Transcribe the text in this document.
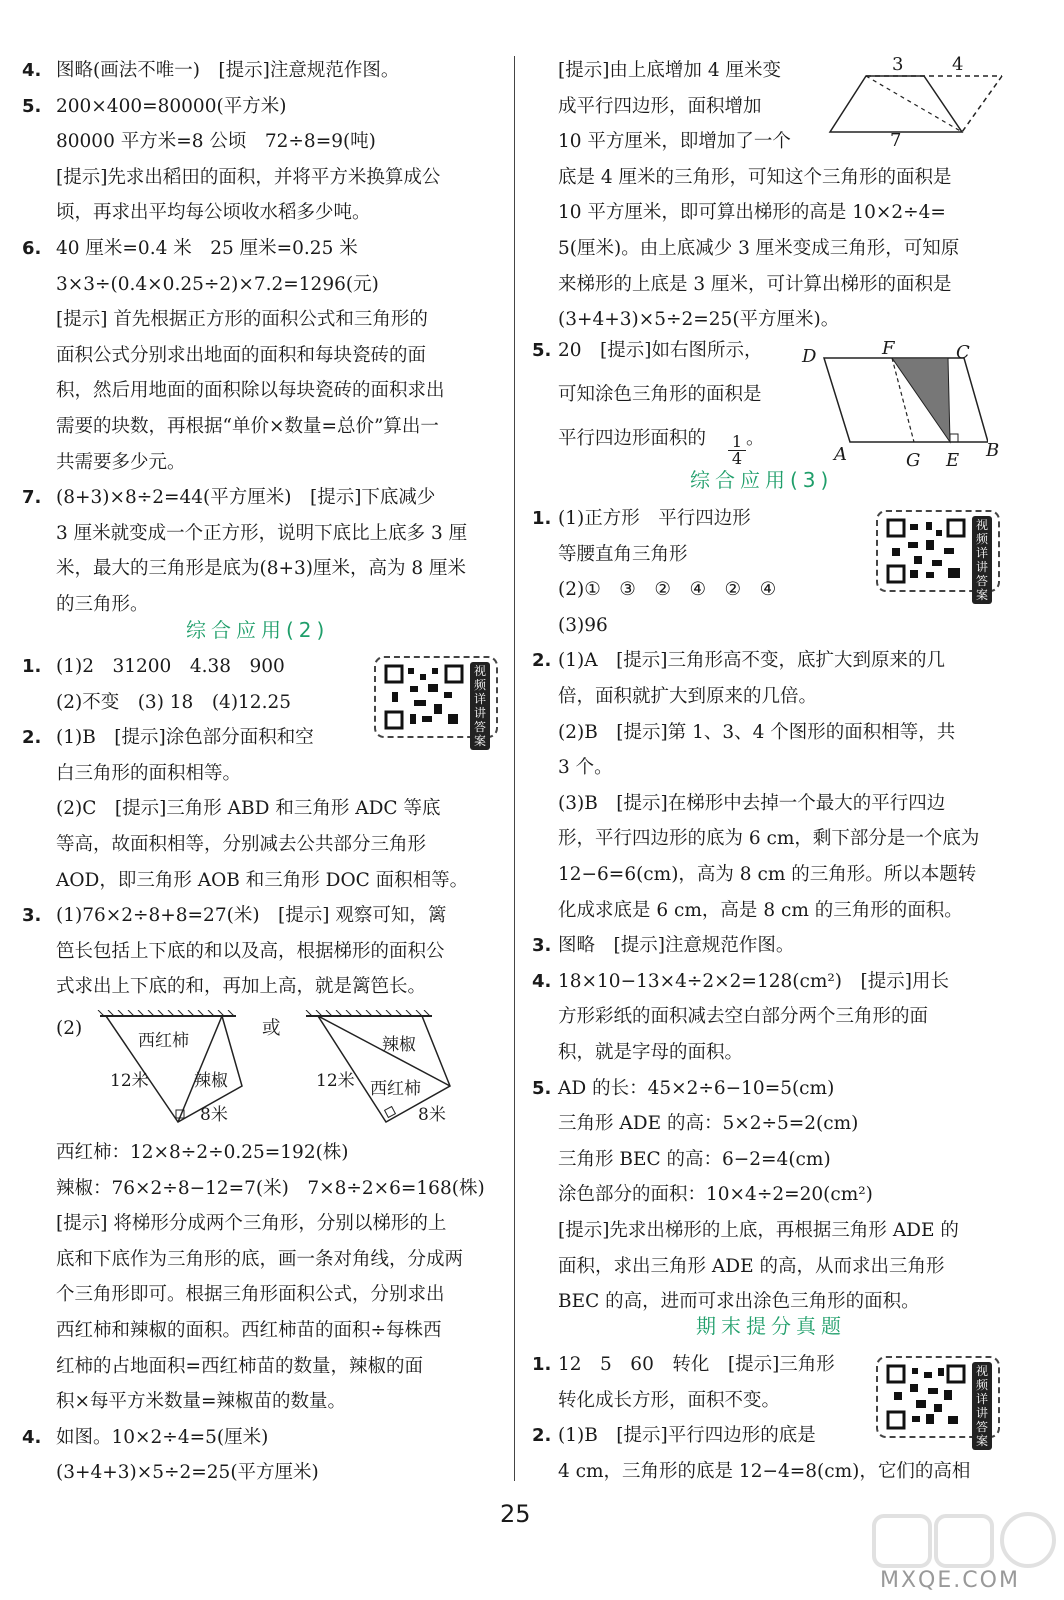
4. 图略(画法不唯一)　[提示]注意规范作图。
5. 200×400=80000(平方米)
80000 平方米=8 公顷　72÷8=9(吨)
[提示]先求出稻田的面积，并将平方米换算成公
顷，再求出平均每公顷收水稻多少吨。
6. 40 厘米=0.4 米　25 厘米=0.25 米
3×3÷(0.4×0.25÷2)×7.2=1296(元)
[提示] 首先根据正方形的面积公式和三角形的
面积公式分别求出地面的面积和每块瓷砖的面
积，然后用地面的面积除以每块瓷砖的面积求出
需要的块数，再根据“单价×数量=总价”算出一
共需要多少元。
7. (8+3)×8÷2=44(平方厘米)　[提示]下底减少
3 厘米就变成一个正方形，说明下底比上底多 3 厘
米，最大的三角形是底为(8+3)厘米，高为 8 厘米
的三角形。
综合应用(2)
1. (1)2　31200　4.38　900
(2)不变　(3) 18　(4)12.25
2. (1)B　[提示]涂色部分面积和空
白三角形的面积相等。
(2)C　[提示]三角形 ABD 和三角形 ADC 等底
等高，故面积相等，分别减去公共部分三角形
AOD，即三角形 AOB 和三角形 DOC 面积相等。
3. (1)76×2÷8+8=27(米)　[提示] 观察可知，篱
笆长包括上下底的和以及高，根据梯形的面积公
式求出上下底的和，再加上高，就是篱笆长。
西红柿：12×8÷2÷0.25=192(株)
辣椒：76×2÷8−12=7(米)　7×8÷2×6=168(株)
[提示] 将梯形分成两个三角形，分别以梯形的上
底和下底作为三角形的底，画一条对角线，分成两
个三角形即可。根据三角形面积公式，分别求出
西红柿和辣椒的面积。西红柿苗的面积÷每株西
红柿的占地面积=西红柿苗的数量，辣椒的面
积×每平方米数量=辣椒苗的数量。
4. 如图。10×2÷4=5(厘米)
(3+4+3)×5÷2=25(平方厘米)
[提示]由上底增加 4 厘米变
成平行四边形，面积增加
10 平方厘米，即增加了一个
底是 4 厘米的三角形，可知这个三角形的面积是
10 平方厘米，即可算出梯形的高是 10×2÷4=
5(厘米)。由上底减少 3 厘米变成三角形，可知原
来梯形的上底是 3 厘米，可计算出梯形的面积是
(3+4+3)×5÷2=25(平方厘米)。
5. 20　[提示]如右图所示，
可知涂色三角形的面积是
平行四边形面积的
综合应用(3)
1. (1)正方形　平行四边形
等腰直角三角形
(2)①　③　②　④　②　④
(3)96
2. (1)A　[提示]三角形高不变，底扩大到原来的几
倍，面积就扩大到原来的几倍。
(2)B　[提示]第 1、3、4 个图形的面积相等，共
3 个。
(3)B　[提示]在梯形中去掉一个最大的平行四边
形，平行四边形的底为 6 cm，剩下部分是一个底为
12−6=6(cm)，高为 8 cm 的三角形。所以本题转
化成求底是 6 cm，高是 8 cm 的三角形的面积。
3. 图略　[提示]注意规范作图。
4. 18×10−13×4÷2×2=128(cm²)　[提示]用长
方形彩纸的面积减去空白部分两个三角形的面
积，就是字母的面积。
5. AD 的长：45×2÷6−10=5(cm)
三角形 ADE 的高：5×2÷5=2(cm)
三角形 BEC 的高：6−2=4(cm)
涂色部分的面积：10×4÷2=20(cm²)
[提示]先求出梯形的上底，再根据三角形 ADE 的
面积，求出三角形 ADE 的高，从而求出三角形
BEC 的高，进而可求出涂色三角形的面积。
期末提分真题
1. 12　5　60　转化　[提示]三角形
转化成长方形，面积不变。
2. (1)B　[提示]平行四边形的底是
4 cm，三角形的底是 12−4=8(cm)，它们的高相
(2)
西红柿
辣椒
12米
8米
或
辣椒
西红柿
12米
8米
3	4
7
D	F	C
A	G E B
1
4
。
视频详讲答案
视频详讲答案
视频详讲答案
25
MXQE.COM
